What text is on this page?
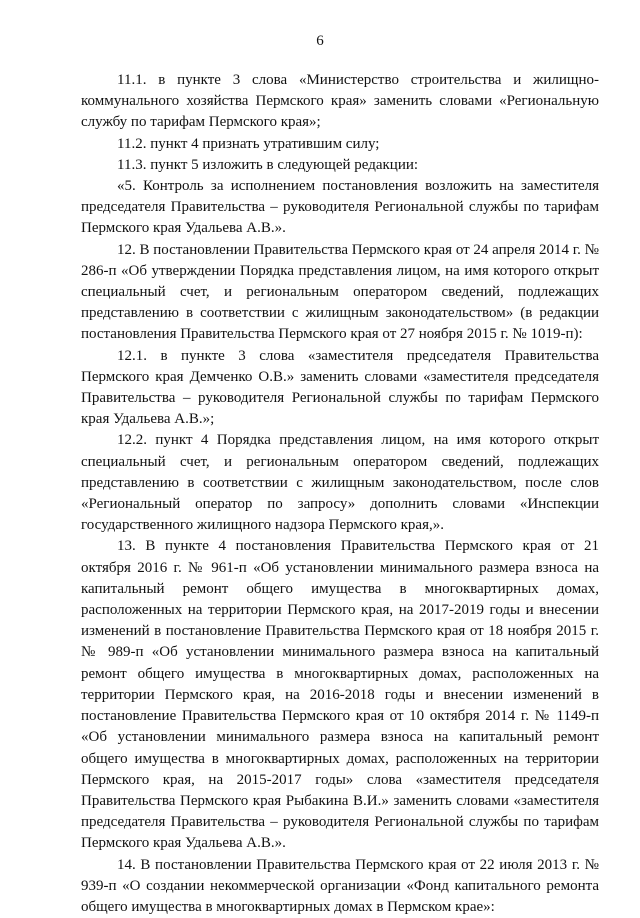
6

11.1. в пункте 3 слова «Министерство строительства и жилищно-коммунального хозяйства Пермского края» заменить словами «Региональную службу по тарифам Пермского края»;

11.2. пункт 4 признать утратившим силу;

11.3. пункт 5 изложить в следующей редакции:

«5. Контроль за исполнением постановления возложить на заместителя председателя Правительства – руководителя Региональной службы по тарифам Пермского края Удальева А.В.».

12. В постановлении Правительства Пермского края от 24 апреля 2014 г. № 286-п «Об утверждении Порядка представления лицом, на имя которого открыт специальный счет, и региональным оператором сведений, подлежащих представлению в соответствии с жилищным законодательством» (в редакции постановления Правительства Пермского края от 27 ноября 2015 г. № 1019-п):

12.1. в пункте 3 слова «заместителя председателя Правительства Пермского края Демченко О.В.» заменить словами «заместителя председателя Правительства – руководителя Региональной службы по тарифам Пермского края Удальева А.В.»;

12.2. пункт 4 Порядка представления лицом, на имя которого открыт специальный счет, и региональным оператором сведений, подлежащих представлению в соответствии с жилищным законодательством, после слов «Региональный оператор по запросу» дополнить словами «Инспекции государственного жилищного надзора Пермского края,».

13. В пункте 4 постановления Правительства Пермского края от 21 октября 2016 г. № 961-п «Об установлении минимального размера взноса на капитальный ремонт общего имущества в многоквартирных домах, расположенных на территории Пермского края, на 2017-2019 годы и внесении изменений в постановление Правительства Пермского края от 18 ноября 2015 г. № 989-п «Об установлении минимального размера взноса на капитальный ремонт общего имущества в многоквартирных домах, расположенных на территории Пермского края, на 2016-2018 годы и внесении изменений в постановление Правительства Пермского края от 10 октября 2014 г. № 1149-п «Об установлении минимального размера взноса на капитальный ремонт общего имущества в многоквартирных домах, расположенных на территории Пермского края, на 2015-2017 годы» слова «заместителя председателя Правительства Пермского края Рыбакина В.И.» заменить словами «заместителя председателя Правительства – руководителя Региональной службы по тарифам Пермского края Удальева А.В.».

14. В постановлении Правительства Пермского края от 22 июля 2013 г. № 939-п «О создании некоммерческой организации «Фонд капитального ремонта общего имущества в многоквартирных домах в Пермском крае»:
